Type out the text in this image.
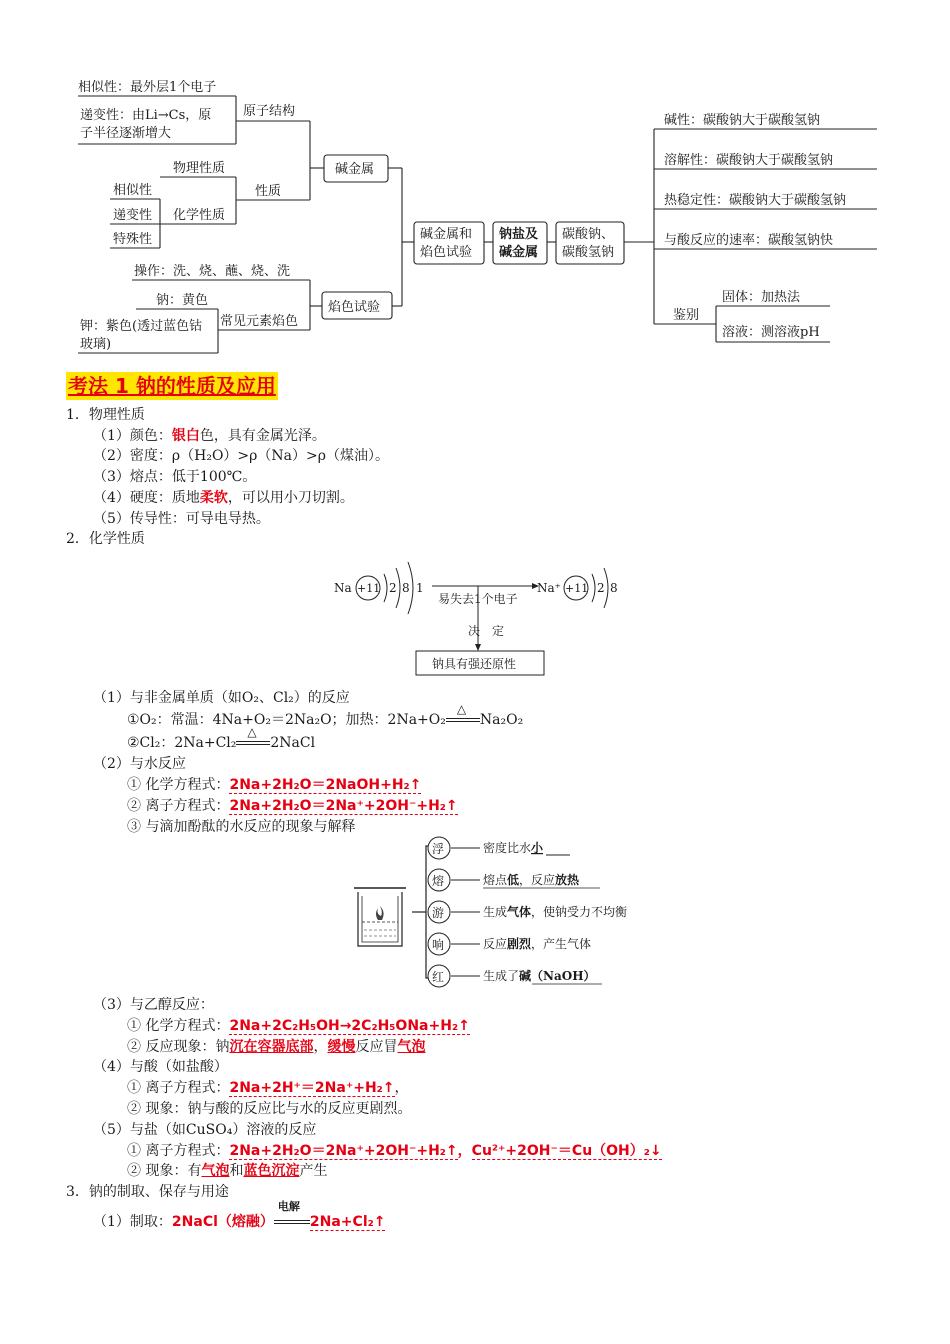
相似性：最外层1个电子
递变性：由Li→Cs，原
子半径逐渐增大
原子结构
物理性质
相似性
递变性
特殊性
化学性质
性质
碱金属
操作：洗、烧、蘸、烧、洗
钠：黄色
钾：紫色(透过蓝色钴
玻璃)
常见元素焰色
焰色试验
碱金属和
焰色试验
钠盐及
碱金属
碳酸钠、
碳酸氢钠
碱性：碳酸钠大于碳酸氢钠
溶解性：碳酸钠大于碳酸氢钠
热稳定性：碳酸钠大于碳酸氢钠
与酸反应的速率：碳酸氢钠快
鉴别
固体：加热法
溶液：测溶液pH
考法 1 钠的性质及应用
1．物理性质
（1）颜色：银白色，具有金属光泽。
（2）密度：ρ（H₂O）>ρ（Na）>ρ（煤油）。
（3）熔点：低于100℃。
（4）硬度：质地柔软，可以用小刀切割。
（5）传导性：可导电导热。
2．化学性质
Na +11 2 8 1
易失去1个电子
Na⁺ +11 2 8
决　定
钠具有强还原性
（1）与非金属单质（如O₂、Cl₂）的反应
①O₂：常温：4Na+O₂＝2Na₂O；加热：2Na+O₂
△
Na₂O₂
②Cl₂：2Na+Cl₂
△
2NaCl
（2）与水反应
① 化学方程式：2Na+2H₂O＝2NaOH+H₂↑
② 离子方程式：2Na+2H₂O＝2Na⁺+2OH⁻+H₂↑
③ 与滴加酚酞的水反应的现象与解释
浮	密度比水小
熔	熔点低，反应放热
游	生成气体，使钠受力不均衡
响	反应剧烈，产生气体
红	生成了碱（NaOH）
（3）与乙醇反应：
① 化学方程式：2Na+2C₂H₅OH→2C₂H₅ONa+H₂↑
② 反应现象：钠沉在容器底部，缓慢反应冒气泡
（4）与酸（如盐酸）
① 离子方程式：2Na+2H⁺＝2Na⁺+H₂↑，
② 现象：钠与酸的反应比与水的反应更剧烈。
（5）与盐（如CuSO₄）溶液的反应
① 离子方程式：2Na+2H₂O＝2Na⁺+2OH⁻+H₂↑，Cu²⁺+2OH⁻＝Cu（OH）₂↓
② 现象：有气泡和蓝色沉淀产生
3．钠的制取、保存与用途
（1）制取：2NaCl（熔融）
电解
2Na+Cl₂↑
